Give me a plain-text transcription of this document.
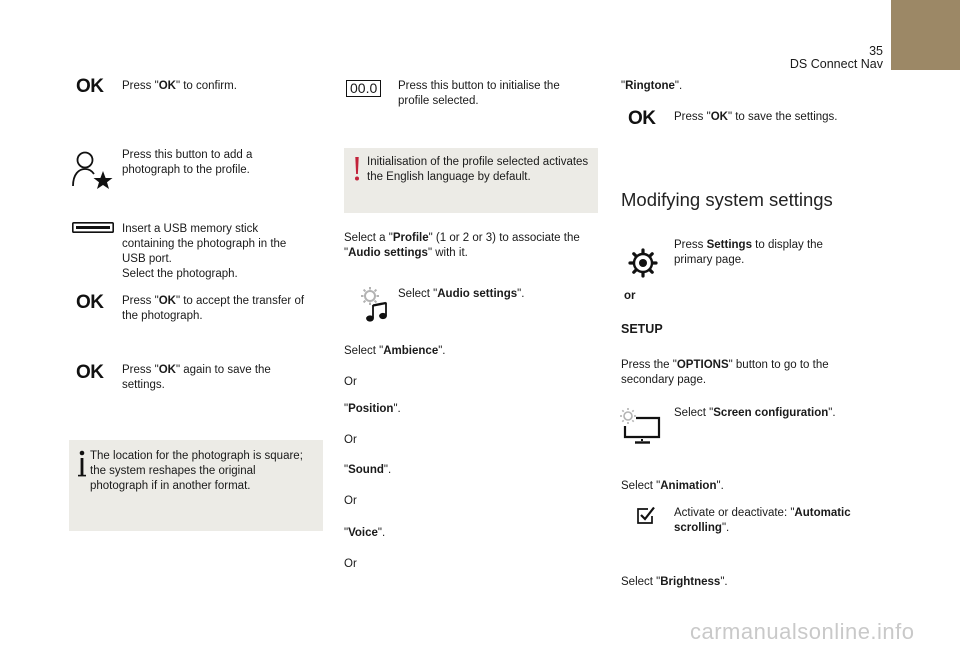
35
DS Connect Nav
OK Press "OK" to confirm.
Press this button to add a photograph to the profile.
Insert a USB memory stick
containing the photograph in the
USB port.
Select the photograph.
OK Press "OK" to accept the transfer of the photograph.
OK Press "OK" again to save the settings.
The location for the photograph is square; the system reshapes the original photograph if in another format.
00.0	Press this button to initialise the profile selected.
Initialisation of the profile selected activates the English language by default.
Select a "Profile" (1 or 2 or 3) to associate the "Audio settings" with it.
Select "Audio settings".
Select "Ambience".
Or
"Position".
Or
"Sound".
Or
"Voice".
Or
"Ringtone".
OK Press "OK" to save the settings.
Modifying system settings
Press Settings to display the primary page.
or
SETUP
Press the "OPTIONS" button to go to the secondary page.
Select "Screen configuration".
Select "Animation".
Activate or deactivate: "Automatic scrolling".
Select "Brightness".
carmanualsonline.info
